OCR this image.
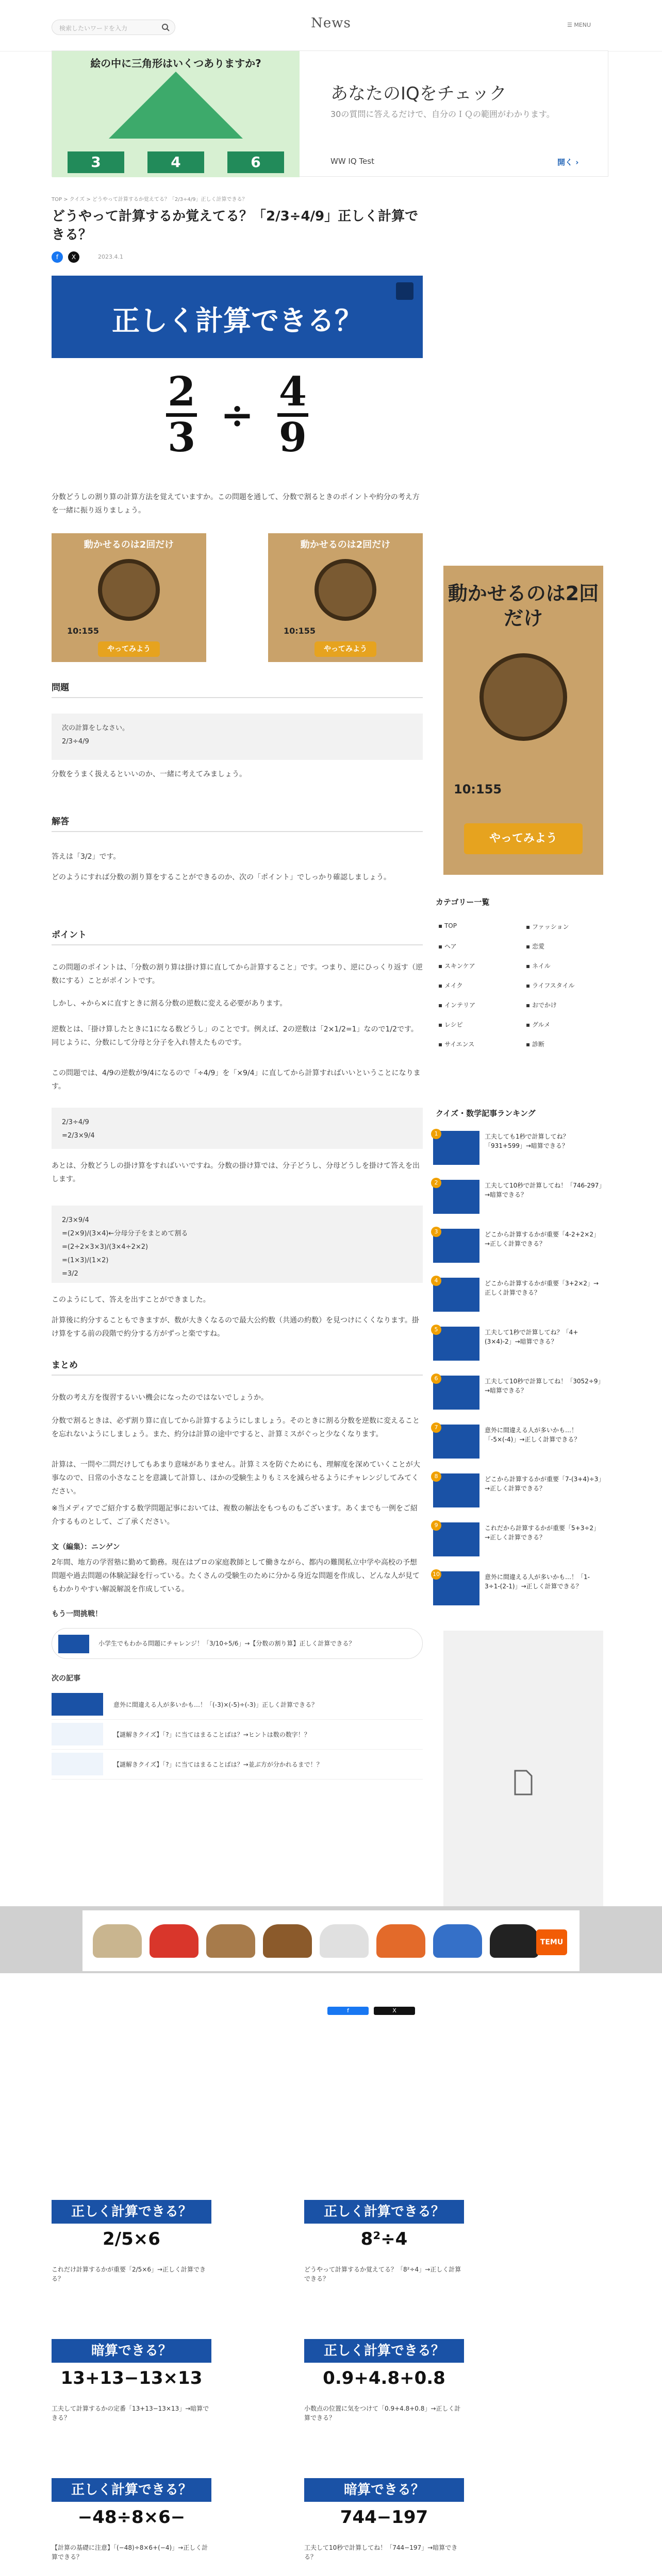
検索したいワードを入力	News	☰ MENU
絵の中に三角形はいくつありますか?
3	4	6
あなたのIQをチェック
30の質問に答えるだけで、自分のＩＱの範囲がわかります。
WW IQ Test	開く ›
TOP > クイズ > どうやって計算するか覚えてる？「2/3÷4/9」正しく計算できる？
どうやって計算するか覚えてる？「2/3÷4/9」正しく計算できる？
f	X	2023.4.1
正しく計算できる？
2
3 ÷ 4
9
分数どうしの割り算の計算方法を覚えていますか。この問題を通して、分数で割るときのポイントや約分の考え方を一緒に振り返りましょう。
動かせるのは2回だけ
10:155
やってみよう
動かせるのは2回だけ
10:155
やってみよう
問題
次の計算をしなさい。
2/3÷4/9
分数をうまく扱えるといいのか、一緒に考えてみましょう。
解答
答えは「3/2」です。
どのようにすれば分数の割り算をすることができるのか、次の「ポイント」でしっかり確認しましょう。
ポイント
この問題のポイントは、「分数の割り算は掛け算に直してから計算すること」です。つまり、逆にひっくり返す（逆数にする）ことがポイントです。
しかし、÷から×に直すときに割る分数の逆数に変える必要があります。
逆数とは、「掛け算したときに1になる数どうし」のことです。例えば、2の逆数は「2×1/2=1」なので1/2です。同じように、分数にして分母と分子を入れ替えたものです。
この問題では、4/9の逆数が9/4になるので「÷4/9」を「×9/4」に直してから計算すればいいということになります。
2/3÷4/9
=2/3×9/4
あとは、分数どうしの掛け算をすればいいですね。分数の掛け算では、分子どうし、分母どうしを掛けて答えを出します。
2/3×9/4
=(2×9)/(3×4)←分母分子をまとめて割る
=(2÷2×3×3)/(3×4÷2×2)
=(1×3)/(1×2)
=3/2
このようにして、答えを出すことができました。
計算後に約分することもできますが、数が大きくなるので最大公約数（共通の約数）を見つけにくくなります。掛け算をする前の段階で約分する方がずっと楽ですね。
まとめ
分数の考え方を復習するいい機会になったのではないでしょうか。
分数で割るときは、必ず割り算に直してから計算するようにしましょう。そのときに割る分数を逆数に変えることを忘れないようにしましょう。また、約分は計算の途中ですると、計算ミスがぐっと少なくなります。
計算は、一問や二問だけしてもあまり意味がありません。計算ミスを防ぐためにも、理解度を深めていくことが大事なので、日常の小さなことを意識して計算し、ほかの受験生よりもミスを減らせるようにチャレンジしてみてください。
※当メディアでご紹介する数学問題記事においては、複数の解法をもつものもございます。あくまでも一例をご紹介するものとして、ご了承ください。
文（編集）：ニンゲン
2年間、地方の学習塾に勤めて勤務。現在はプロの家庭教師として働きながら、都内の難関私立中学や高校の予想問題や過去問題の体験記録を行っている。たくさんの受験生のために分かる身近な問題を作成し、どんな人が見てもわかりやすい解説解説を作成している。
もう一問挑戦！
小学生でもわかる問題にチャレンジ！「3/10÷5/6」→【分数の割り算】正しく計算できる？
次の記事
意外に間違える人が多いかも…！「(-3)×(-5)÷(-3)」正しく計算できる？
【謎解きクイズ】「?」に当てはまることばは？→ヒントは数の数字！？
【謎解きクイズ】「?」に当てはまることばは？→並ぶ方が分かれるまで！？
動かせるのは2回だけ
10:155
やってみよう
カテゴリー一覧
▪ TOP	▪ ファッション
▪ ヘア	▪ 恋愛
▪ スキンケア	▪ ネイル
▪ メイク	▪ ライフスタイル
▪ インテリア	▪ おでかけ
▪ レシピ	▪ グルメ
▪ サイエンス	▪ 診断
クイズ・数学記事ランキング
1	工夫しても1秒で計算してね？「931+599」→暗算できる？
2	工夫して10秒で計算してね！「746-297」→暗算できる？
3	どこから計算するかが重要「4-2+2×2」→正しく計算できる？
4	どこから計算するかが重要「3+2×2」→正しく計算できる？
5	工夫して1秒で計算してね？「4+(3×4)-2」→暗算できる？
6	工夫して10秒で計算してね！「3052÷9」→暗算できる？
7	意外に間違える人が多いかも…！「-5×(-4)」→正しく計算できる？
8	どこから計算するかが重要「7-(3+4)÷3」→正しく計算できる？
9	これだから計算するかが重要「5+3÷2」→正しく計算できる？
10	意外に間違える人が多いかも…！「1-3÷1-(2-1)」→正しく計算できる？
TEMU
f	X
正しく計算できる？
2/5×6
これだけ計算するかが重要「2/5×6」→正しく計算できる？
正しく計算できる？
8²÷4
どうやって計算するか覚えてる？「8²÷4」→正しく計算できる？
暗算できる？
13+13−13×13
工夫して計算するかの定番「13+13−13×13」→暗算できる？
正しく計算できる？
0.9+4.8+0.8
小数点の位置に気をつけて「0.9+4.8+0.8」→正しく計算できる？
正しく計算できる？
−48÷8×6−
【計算の基礎に注意】「(−48)÷8×6+(−4)」→正しく計算できる？
暗算できる？
744−197
工夫して10秒で計算してね！「744−197」→暗算できる？
